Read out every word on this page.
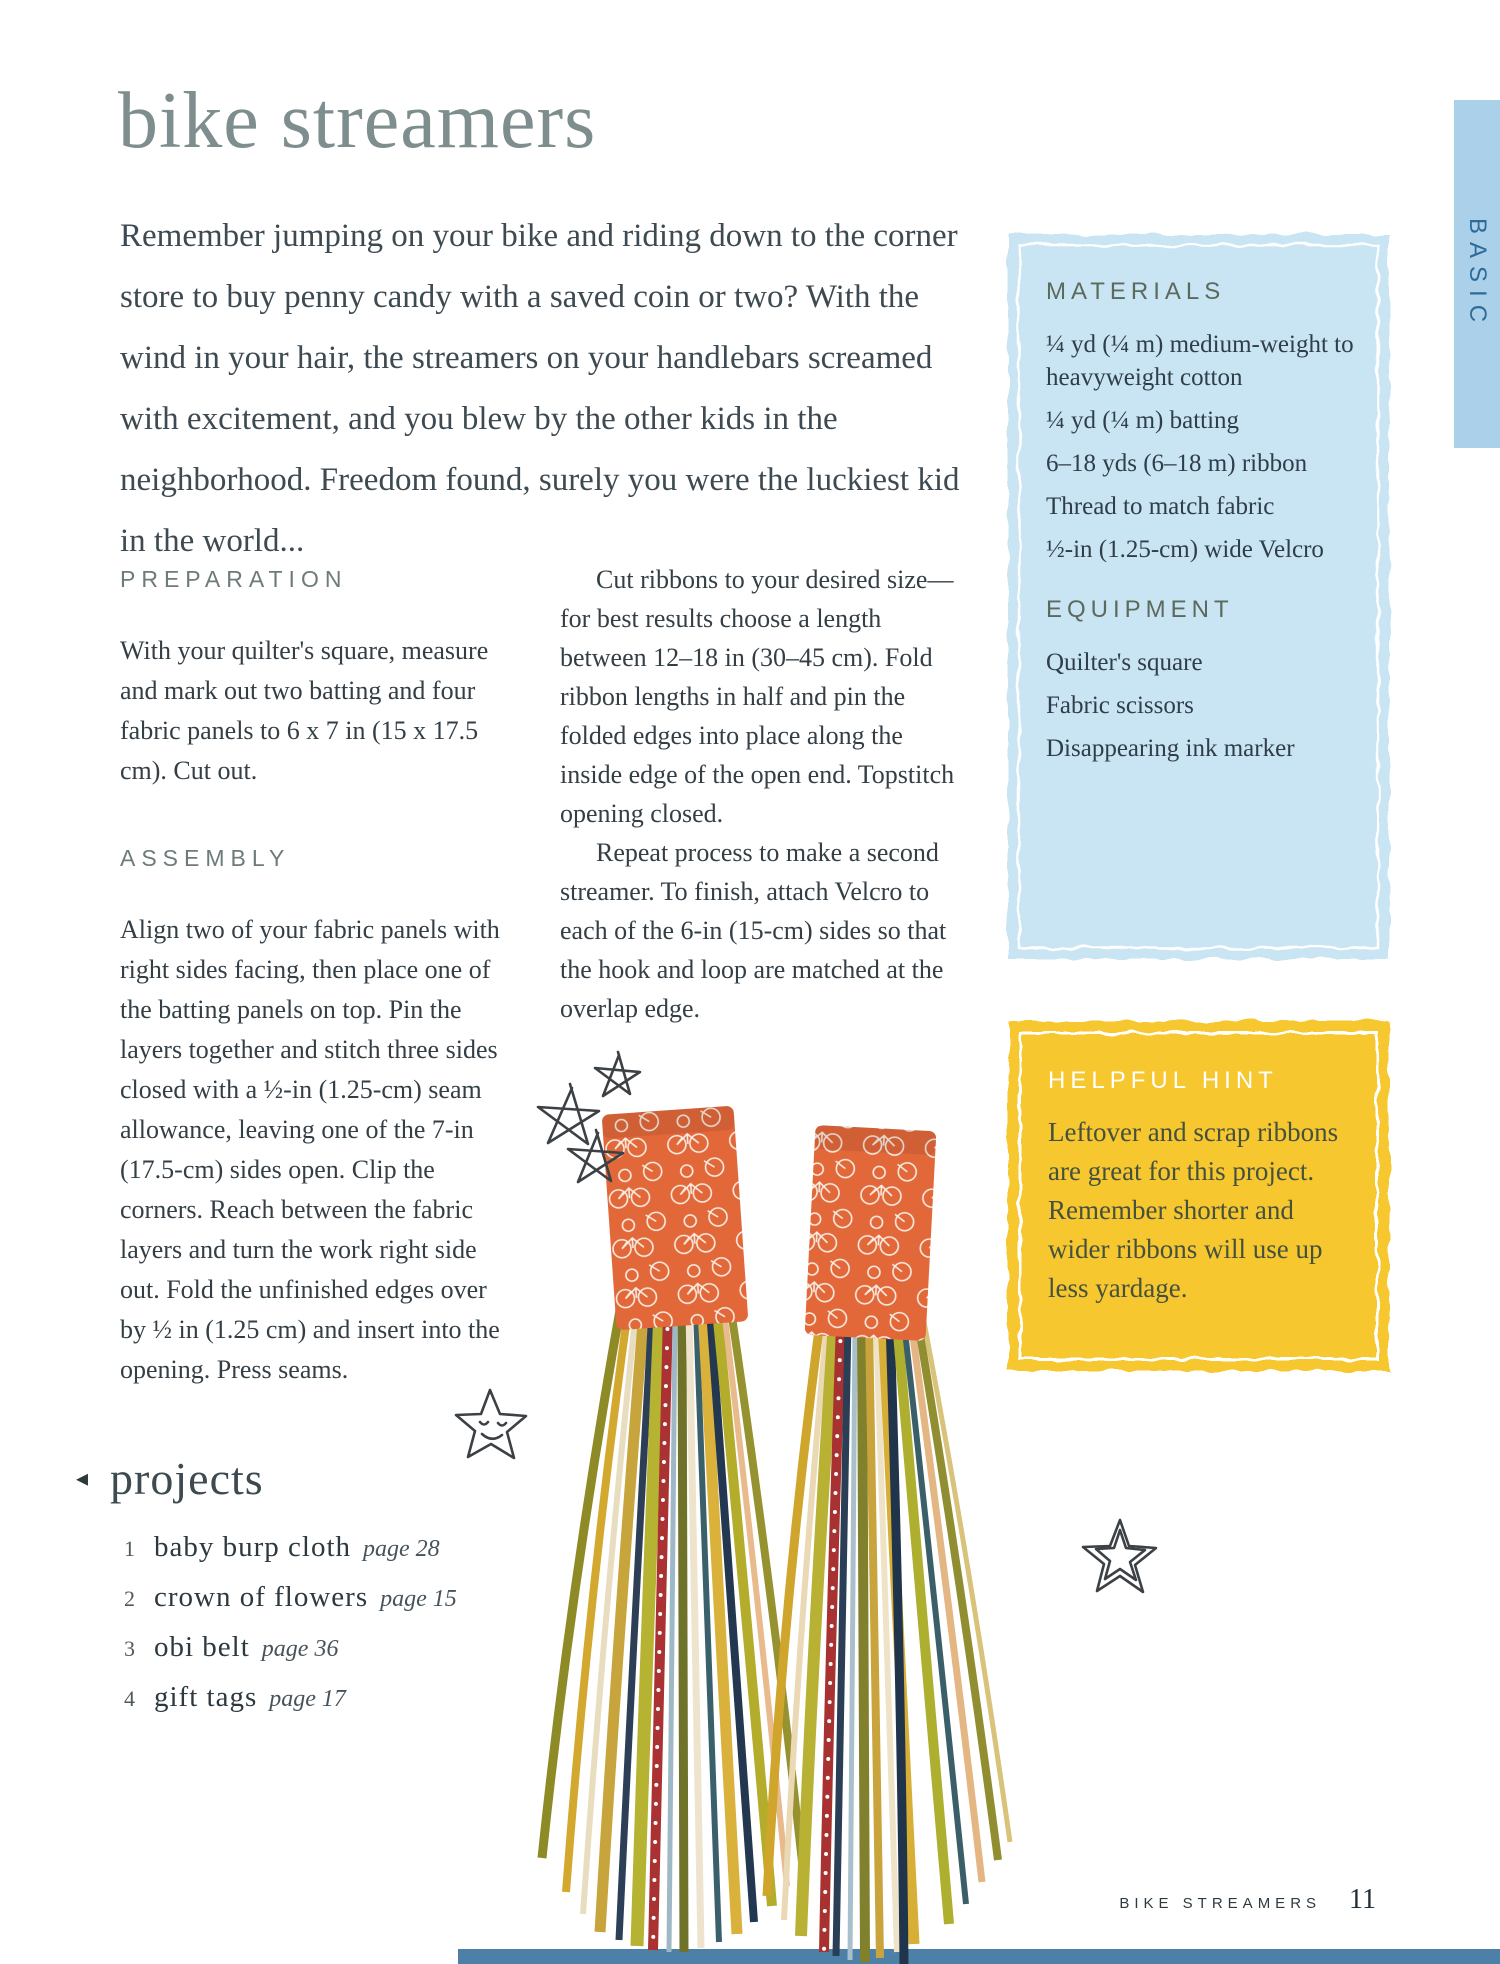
bike streamers

Remember jumping on your bike and riding down to the corner store to buy penny candy with a saved coin or two? With the wind in your hair, the streamers on your handlebars screamed with excitement, and you blew by the other kids in the neighborhood. Freedom found, surely you were the luckiest kid in the world...

PREPARATION

With your quilter's square, measure and mark out two batting and four fabric panels to 6 x 7 in (15 x 17.5 cm). Cut out.

ASSEMBLY

Align two of your fabric panels with right sides facing, then place one of the batting panels on top. Pin the layers together and stitch three sides closed with a ½-in (1.25-cm) seam allowance, leaving one of the 7-in (17.5-cm) sides open. Clip the corners. Reach between the fabric layers and turn the work right side out. Fold the unfinished edges over by ½ in (1.25 cm) and insert into the opening. Press seams.

Cut ribbons to your desired size—for best results choose a length between 12–18 in (30–45 cm). Fold ribbon lengths in half and pin the folded edges into place along the inside edge of the open end. Topstitch opening closed.

Repeat process to make a second streamer. To finish, attach Velcro to each of the 6-in (15-cm) sides so that the hook and loop are matched at the overlap edge.

MATERIALS
¼ yd (¼ m) medium-weight to heavyweight cotton
¼ yd (¼ m) batting
6–18 yds (6–18 m) ribbon
Thread to match fabric
½-in (1.25-cm) wide Velcro
EQUIPMENT
Quilter's square
Fabric scissors
Disappearing ink marker
HELPFUL HINT

Leftover and scrap ribbons are great for this project. Remember shorter and wider ribbons will use up less yardage.

BASIC
◂ projects
1 baby burp cloth page 28
2 crown of flowers page 15
3 obi belt page 36
4 gift tags page 17
BIKE STREAMERS 11
